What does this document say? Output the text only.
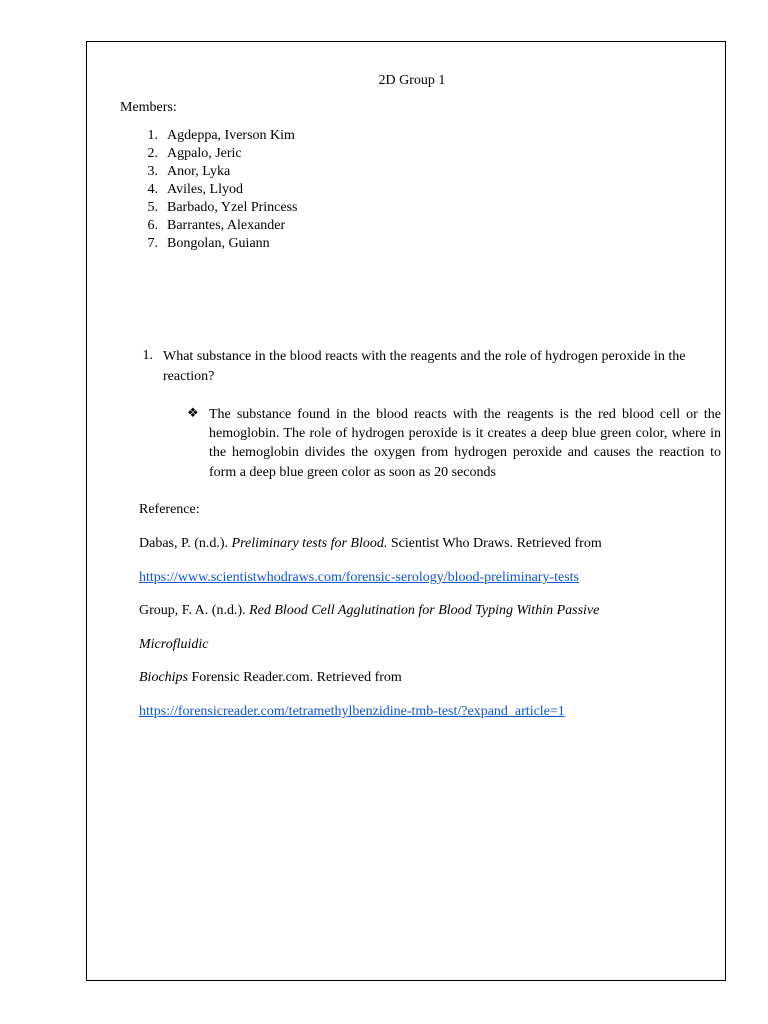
2D Group 1
Members:
1. Agdeppa, Iverson Kim
2. Agpalo, Jeric
3. Anor, Lyka
4. Aviles, Llyod
5. Barbado, Yzel Princess
6. Barrantes, Alexander
7. Bongolan, Guiann
1. What substance in the blood reacts with the reagents and the role of hydrogen peroxide in the reaction?
❖ The substance found in the blood reacts with the reagents is the red blood cell or the hemoglobin. The role of hydrogen peroxide is it creates a deep blue green color, where in the hemoglobin divides the oxygen from hydrogen peroxide and causes the reaction to form a deep blue green color as soon as 20 seconds
Reference:
Dabas, P. (n.d.). Preliminary tests for Blood. Scientist Who Draws. Retrieved from
https://www.scientistwhodraws.com/forensic-serology/blood-preliminary-tests
Group, F. A. (n.d.). Red Blood Cell Agglutination for Blood Typing Within Passive
Microfluidic
Biochips Forensic Reader.com. Retrieved from
https://forensicreader.com/tetramethylbenzidine-tmb-test/?expand_article=1
